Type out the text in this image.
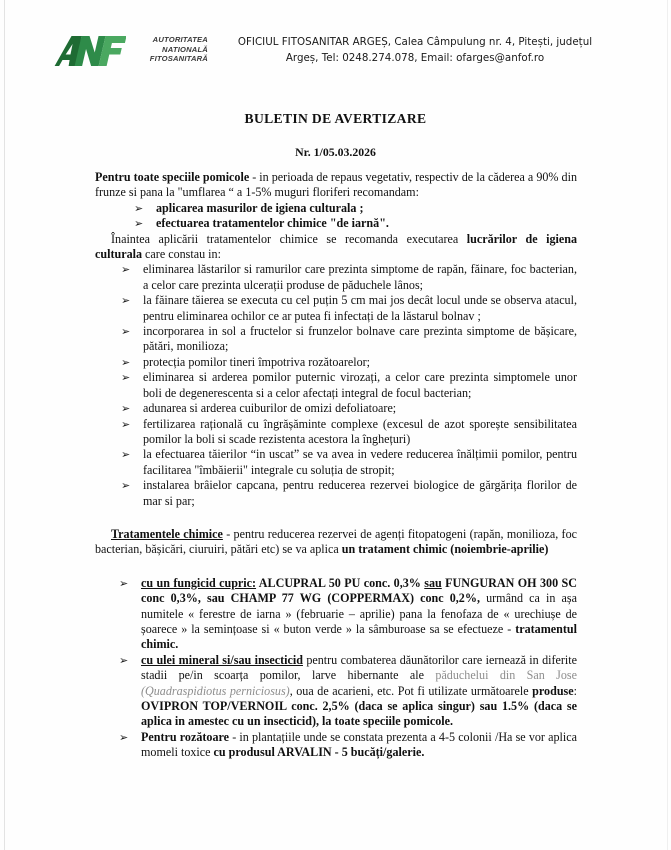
AUTORITATEA
NATIONALĂ
FITOSANITARĂ
OFICIUL FITOSANITAR ARGEȘ, Calea Câmpulung nr. 4, Pitești, județul
Argeș, Tel: 0248.274.078, Email: ofarges@anfof.ro
BULETIN DE AVERTIZARE
Nr. 1/05.03.2026

Pentru toate speciile pomicole - in perioada de repaus vegetativ, respectiv de la căderea a 90% din frunze si pana la "umflarea “ a 1-5% muguri floriferi recomandam:

➢ aplicarea masurilor de igiena culturala ;
➢ efectuarea tratamentelor chimice "de iarnă".

Înaintea aplicării tratamentelor chimice se recomanda executarea lucrărilor de igiena culturala care constau in:

➢ eliminarea lăstarilor si ramurilor care prezinta simptome de rapăn, făinare, foc bacterian, a celor care prezinta ulcerații produse de păduchele lânos;
➢ la făinare tăierea se executa cu cel puțin 5 cm mai jos decât locul unde se observa atacul, pentru eliminarea ochilor ce ar putea fi infectați de la lăstarul bolnav ;
➢ incorporarea in sol a fructelor si frunzelor bolnave care prezinta simptome de bășicare, pătări, monilioza;
➢ protecția pomilor tineri împotriva rozătoarelor;
➢ eliminarea si arderea pomilor puternic virozați, a celor care prezinta simptomele unor boli de degenerescenta si a celor afectați integral de focul bacterian;
➢ adunarea si arderea cuiburilor de omizi defoliatoare;
➢ fertilizarea rațională cu îngrășăminte complexe (excesul de azot sporește sensibilitatea pomilor la boli si scade rezistenta acestora la înghețuri)
➢ la efectuarea tăierilor “in uscat” se va avea in vedere reducerea înălțimii pomilor, pentru facilitarea "îmbăierii" integrale cu soluția de stropit;
➢ instalarea brâielor capcana, pentru reducerea rezervei biologice de gărgărița florilor de mar si par;

Tratamentele chimice - pentru reducerea rezervei de agenți fitopatogeni (rapăn, monilioza, foc bacterian, bășicări, ciuruiri, pătări etc) se va aplica un tratament chimic (noiembrie-aprilie)

➢ cu un fungicid cupric: ALCUPRAL 50 PU conc. 0,3% sau FUNGURAN OH 300 SC conc 0,3%, sau CHAMP 77 WG (COPPERMAX) conc 0,2%, urmând ca in așa numitele « ferestre de iarna » (februarie – aprilie) pana la fenofaza de « urechiușe de șoarece » la semințoase si « buton verde » la sâmburoase sa se efectueze - tratamentul chimic.
➢ cu ulei mineral si/sau insecticid pentru combaterea dăunătorilor care iernează in diferite stadii pe/in scoarța pomilor, larve hibernante ale păduchelui din San Jose (Quadraspidiotus perniciosus), oua de acarieni, etc. Pot fi utilizate următoarele produse: OVIPRON TOP/VERNOIL conc. 2,5% (daca se aplica singur) sau 1.5% (daca se aplica in amestec cu un insecticid), la toate speciile pomicole.
➢ Pentru rozătoare - in plantațiile unde se constata prezenta a 4-5 colonii /Ha se vor aplica momeli toxice cu produsul ARVALIN - 5 bucăți/galerie.
